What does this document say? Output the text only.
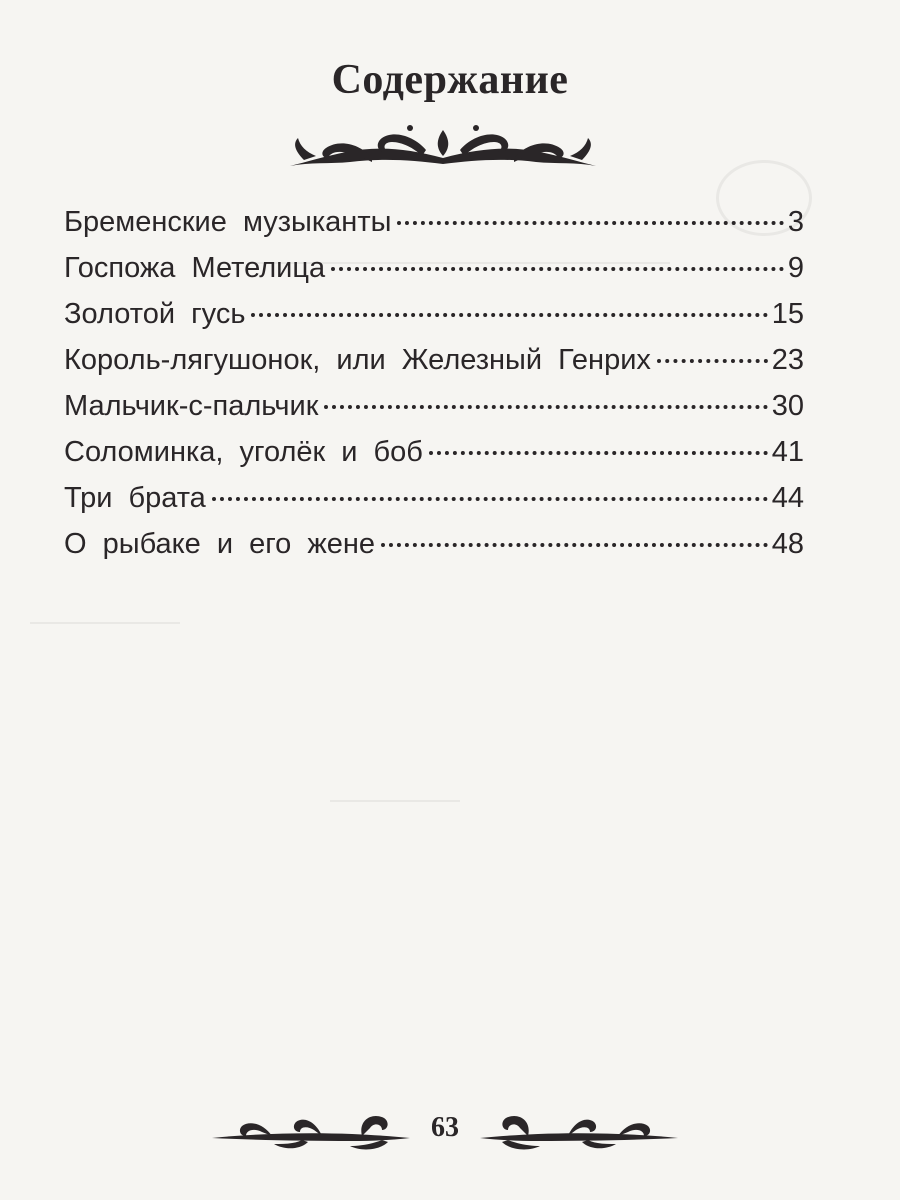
Содержание
Бременские музыканты	3
Госпожа Метелица	9
Золотой гусь	15
Король-лягушонок, или Железный Генрих	23
Мальчик-с-пальчик	30
Соломинка, уголёк и боб	41
Три брата	44
О рыбаке и его жене	48
63
